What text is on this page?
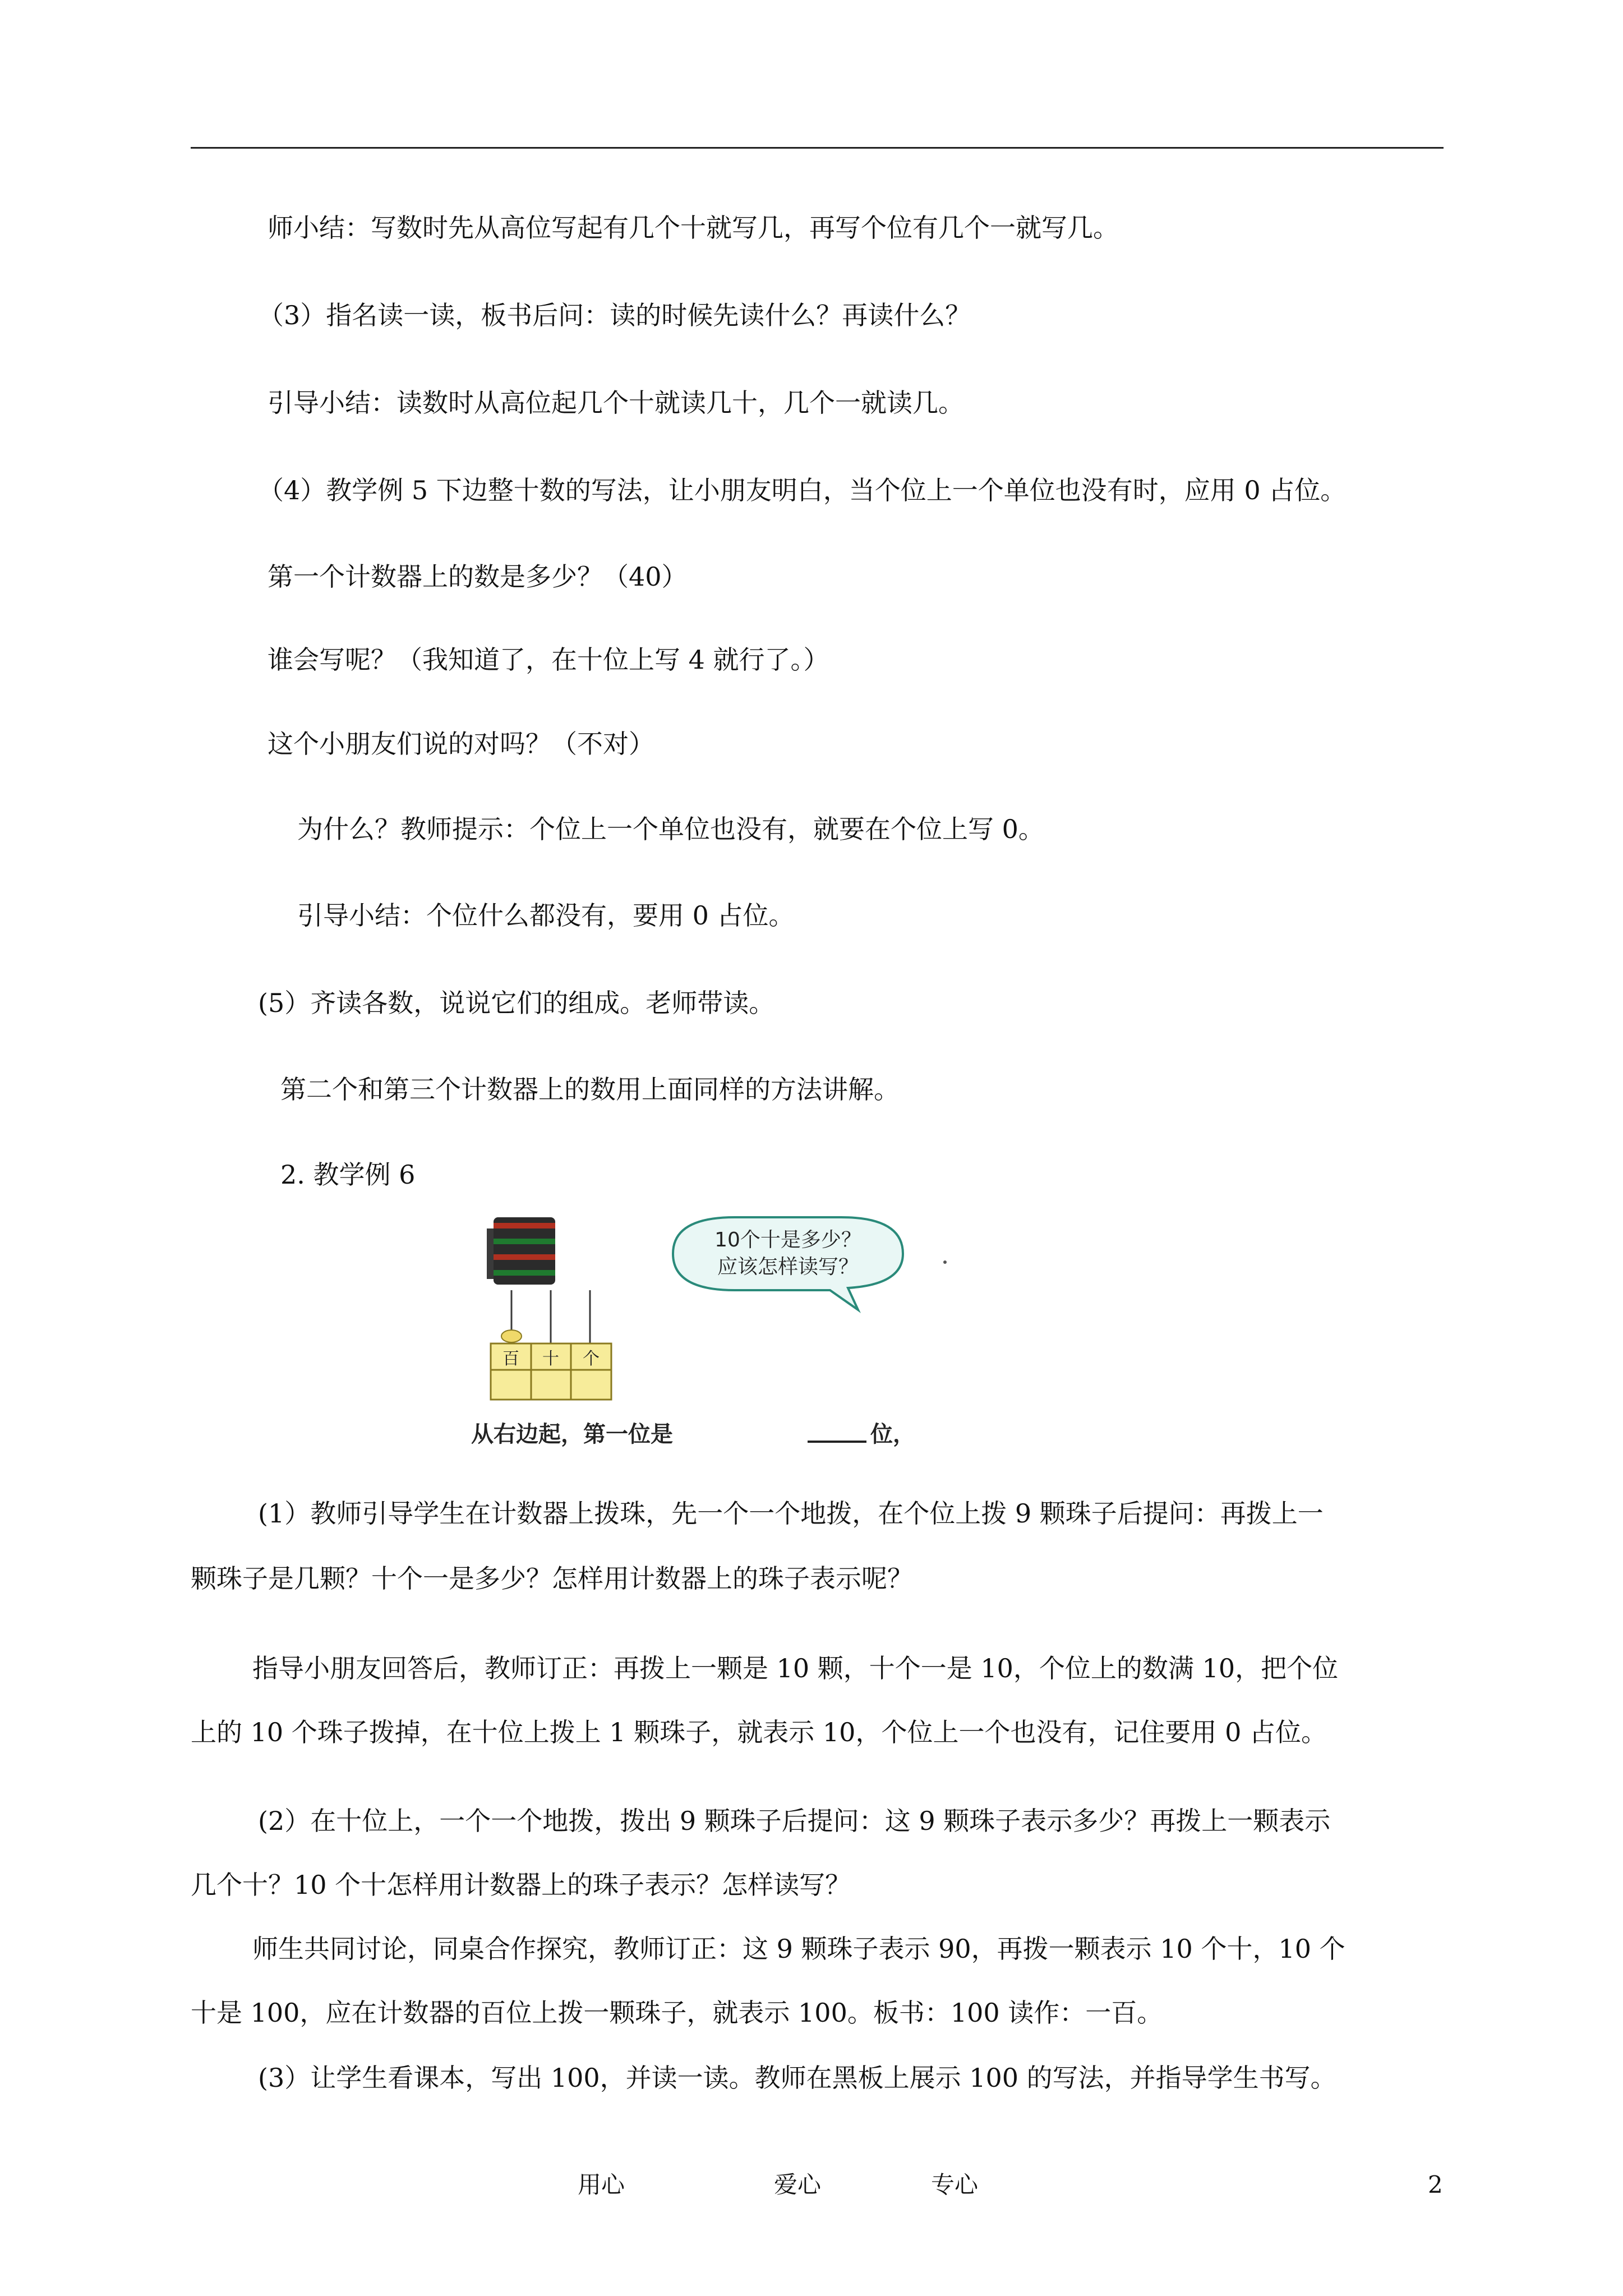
师小结：写数时先从高位写起有几个十就写几，再写个位有几个一就写几。
（3）指名读一读，板书后问：读的时候先读什么？再读什么？
引导小结：读数时从高位起几个十就读几十，几个一就读几。
（4）教学例 5 下边整十数的写法，让小朋友明白，当个位上一个单位也没有时，应用 0 占位。
第一个计数器上的数是多少？（40）
谁会写呢？（我知道了，在十位上写 4 就行了。）
这个小朋友们说的对吗？（不对）
为什么？教师提示：个位上一个单位也没有，就要在个位上写 0。
引导小结：个位什么都没有，要用 0 占位。
(5）齐读各数，说说它们的组成。老师带读。
第二个和第三个计数器上的数用上面同样的方法讲解。
2. 教学例 6
百 十 个
10个十是多少？
应该怎样读写？
从右边起，第一位是	位，
(1）教师引导学生在计数器上拨珠，先一个一个地拨，在个位上拨 9 颗珠子后提问：再拨上一
颗珠子是几颗？十个一是多少？怎样用计数器上的珠子表示呢？
指导小朋友回答后，教师订正：再拨上一颗是 10 颗，十个一是 10，个位上的数满 10，把个位
上的 10 个珠子拨掉，在十位上拨上 1 颗珠子，就表示 10，个位上一个也没有，记住要用 0 占位。
(2）在十位上，一个一个地拨，拨出 9 颗珠子后提问：这 9 颗珠子表示多少？再拨上一颗表示
几个十？10 个十怎样用计数器上的珠子表示？怎样读写？
师生共同讨论，同桌合作探究，教师订正：这 9 颗珠子表示 90，再拨一颗表示 10 个十，10 个
十是 100，应在计数器的百位上拨一颗珠子，就表示 100。板书：100 读作：一百。
用心	爱心	专心	2
(3）让学生看课本，写出 100，并读一读。教师在黑板上展示 100 的写法，并指导学生书写。
